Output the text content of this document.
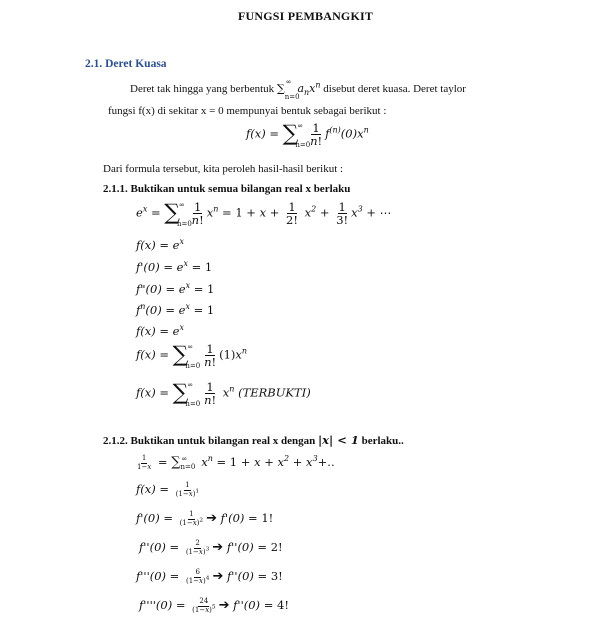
FUNGSI PEMBANGKIT
2.1. Deret Kuasa
Deret tak hingga yang berbentuk $\sum_{n=0}^\infty$ $a_nx^n$ disebut deret kuasa. Deret taylor
fungsi f(x) di sekitar x = 0 mempunyai bentuk sebagai berikut :
$f(x) = \sum_{n=0}^\infty \frac{1}{n!} f^{(n)}(0)x^n$
Dari formula tersebut, kita peroleh hasil-hasil berikut :
2.1.1. Buktikan untuk semua bilangan real x berlaku
$e^x = \sum_{n=0}^\infty \frac{1}{n!} x^n = 1 + x + \frac{1}{2!} x^2 + \frac{1}{3!} x^3$ + ⋯
$f(x) = e^x$
$f'(0) = e^x = 1$
f"(0) = $e^x = 1$
$f^n(0) = e^x = 1$
$f(x) = e^x$
$f(x) = \sum_{n=0}^\infty \frac{1}{n!} (1)x^n$
$f(x) = \sum_{n=0}^\infty \frac{1}{n!} x^n$ (TERBUKTI)
2.1.2. Buktikan untuk bilangan real x dengan |x| < 1 berlaku..
$\frac{1}{1-x} = \sum_{n=0}^\infty$ $x^n = 1 + x + x^2 + x^3+$..
$f(x) = \frac{1}{(1-x)^1}$
$f'(0) = \frac{1}{(1-x)^2}$ ➔ f'(0) = 1!
$f''(0) = \frac{2}{(1-x)^3}$ ➔ f''(0) = 2!
$f'''(0) = \frac{6}{(1-x)^4}$ ➔ f''(0) = 3!
$f''''(0) = \frac{24}{(1-x)^5}$ ➔ f''(0) = 4!
